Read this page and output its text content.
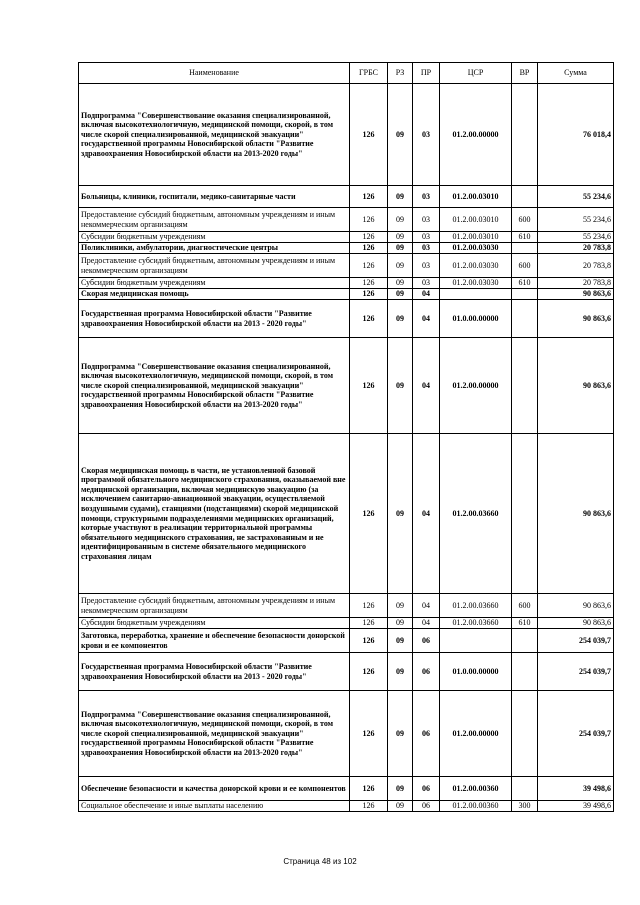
Наименование	ГРБС	РЗ	ПР	ЦСР	ВР	Сумма
Подпрограмма "Совершенствование оказания специализированной, включая высокотехнологичную, медицинской помощи, скорой, в том числе скорой специализированной, медицинской эвакуации" государственной программы Новосибирской области "Развитие здравоохранения Новосибирской области на 2013-2020 годы"	126	09	03	01.2.00.00000		76 018,4
Больницы, клиники, госпитали, медико-санитарные части	126	09	03	01.2.00.03010		55 234,6
Предоставление субсидий бюджетным, автономным учреждениям и иным некоммерческим организациям	126	09	03	01.2.00.03010	600	55 234,6
Субсидии бюджетным учреждениям	126	09	03	01.2.00.03010	610	55 234,6
Поликлиники, амбулатории, диагностические центры	126	09	03	01.2.00.03030		20 783,8
Предоставление субсидий бюджетным, автономным учреждениям и иным некоммерческим организациям	126	09	03	01.2.00.03030	600	20 783,8
Субсидии бюджетным учреждениям	126	09	03	01.2.00.03030	610	20 783,8
Скорая медицинская помощь	126	09	04			90 863,6
Государственная программа Новосибирской области "Развитие здравоохранения Новосибирской области на 2013 - 2020 годы"	126	09	04	01.0.00.00000		90 863,6
Подпрограмма "Совершенствование оказания специализированной, включая высокотехнологичную, медицинской помощи, скорой, в том числе скорой специализированной, медицинской эвакуации" государственной программы Новосибирской области "Развитие здравоохранения Новосибирской области на 2013-2020 годы"	126	09	04	01.2.00.00000		90 863,6
Скорая медицинская помощь в части, не установленной базовой программой обязательного медицинского страхования, оказываемой вне медицинской организации, включая медицинскую эвакуацию (за исключением санитарно-авиационной эвакуации, осуществляемой воздушными судами), станциями (подстанциями) скорой медицинской помощи, структурными подразделениями медицинских организаций, которые участвуют в реализации территориальной программы обязательного медицинского страхования, не застрахованным и не идентифицированным в системе обязательного медицинского страхования лицам	126	09	04	01.2.00.03660		90 863,6
Предоставление субсидий бюджетным, автономным учреждениям и иным некоммерческим организациям	126	09	04	01.2.00.03660	600	90 863,6
Субсидии бюджетным учреждениям	126	09	04	01.2.00.03660	610	90 863,6
Заготовка, переработка, хранение и обеспечение безопасности донорской крови и ее компонентов	126	09	06			254 039,7
Государственная программа Новосибирской области "Развитие здравоохранения Новосибирской области на 2013 - 2020 годы"	126	09	06	01.0.00.00000		254 039,7
Подпрограмма "Совершенствование оказания специализированной, включая высокотехнологичную, медицинской помощи, скорой, в том числе скорой специализированной, медицинской эвакуации" государственной программы Новосибирской области "Развитие здравоохранения Новосибирской области на 2013-2020 годы"	126	09	06	01.2.00.00000		254 039,7
Обеспечение безопасности и качества донорской крови и ее компонентов	126	09	06	01.2.00.00360		39 498,6
Социальное обеспечение и иные выплаты населению	126	09	06	01.2.00.00360	300	39 498,6
Страница 48 из 102
